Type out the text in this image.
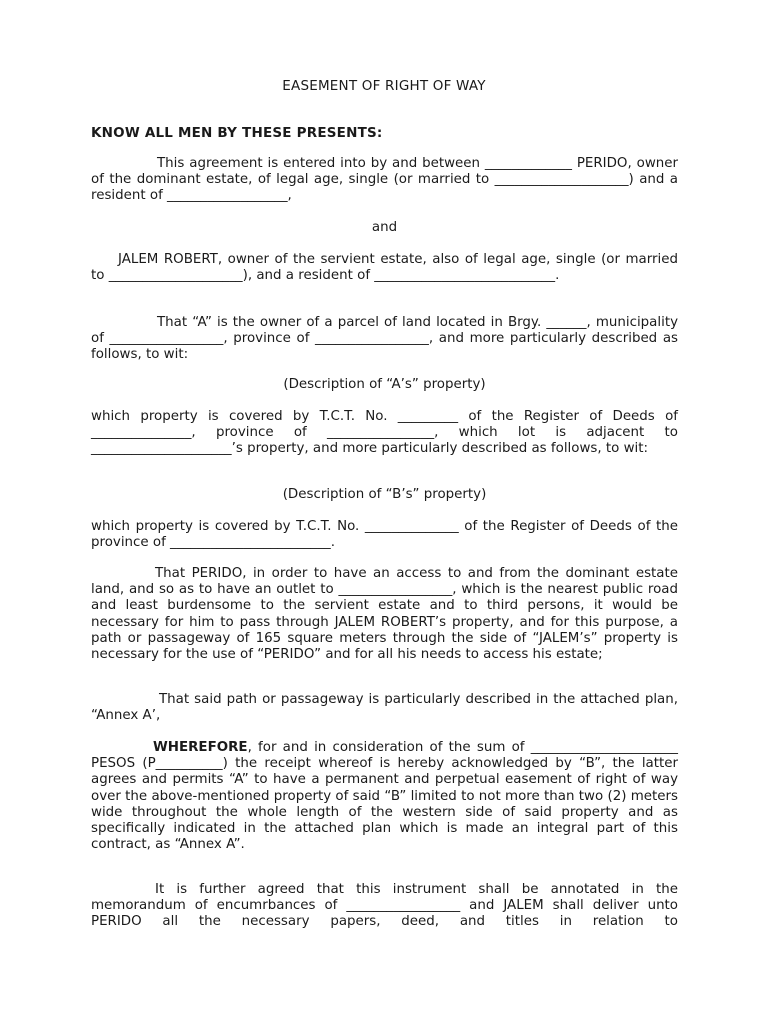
EASEMENT OF RIGHT OF WAY
KNOW ALL MEN BY THESE PRESENTS:
This agreement is entered into by and between _____________ PERIDO, owner of the dominant estate, of legal age, single (or married to ____________________) and a resident of __________________,
and
JALEM ROBERT, owner of the servient estate, also of legal age, single (or married to ____________________), and a resident of ___________________________.
That “A” is the owner of a parcel of land located in Brgy. ______, municipality of _________________, province of _________________, and more particularly described as follows, to wit:
(Description of “A’s” property)
which property is covered by T.C.T. No. _________ of the Register of Deeds of _______________, province of ________________, which lot is adjacent to _____________________’s property, and more particularly described as follows, to wit:
(Description of “B’s” property)
which property is covered by T.C.T. No. ______________ of the Register of Deeds of the province of ________________________.
That PERIDO, in order to have an access to and from the dominant estate land, and so as to have an outlet to _________________, which is the nearest public road and least burdensome to the servient estate and to third persons, it would be necessary for him to pass through JALEM ROBERT’s property, and for this purpose, a path or passageway of 165 square meters through the side of “JALEM’s” property is necessary for the use of “PERIDO” and for all his needs to access his estate;
That said path or passageway is particularly described in the attached plan, “Annex A’,
WHEREFORE, for and in consideration of the sum of ______________________ PESOS (P__________) the receipt whereof is hereby acknowledged by “B”, the latter agrees and permits “A” to have a permanent and perpetual easement of right of way over the above-mentioned property of said “B” limited to not more than two (2) meters wide throughout the whole length of the western side of said property and as specifically indicated in the attached plan which is made an integral part of this contract, as “Annex A”.
It is further agreed that this instrument shall be annotated in the memorandum of encumrbances of _________________ and JALEM shall deliver unto PERIDO all the necessary papers, deed, and titles in relation to
